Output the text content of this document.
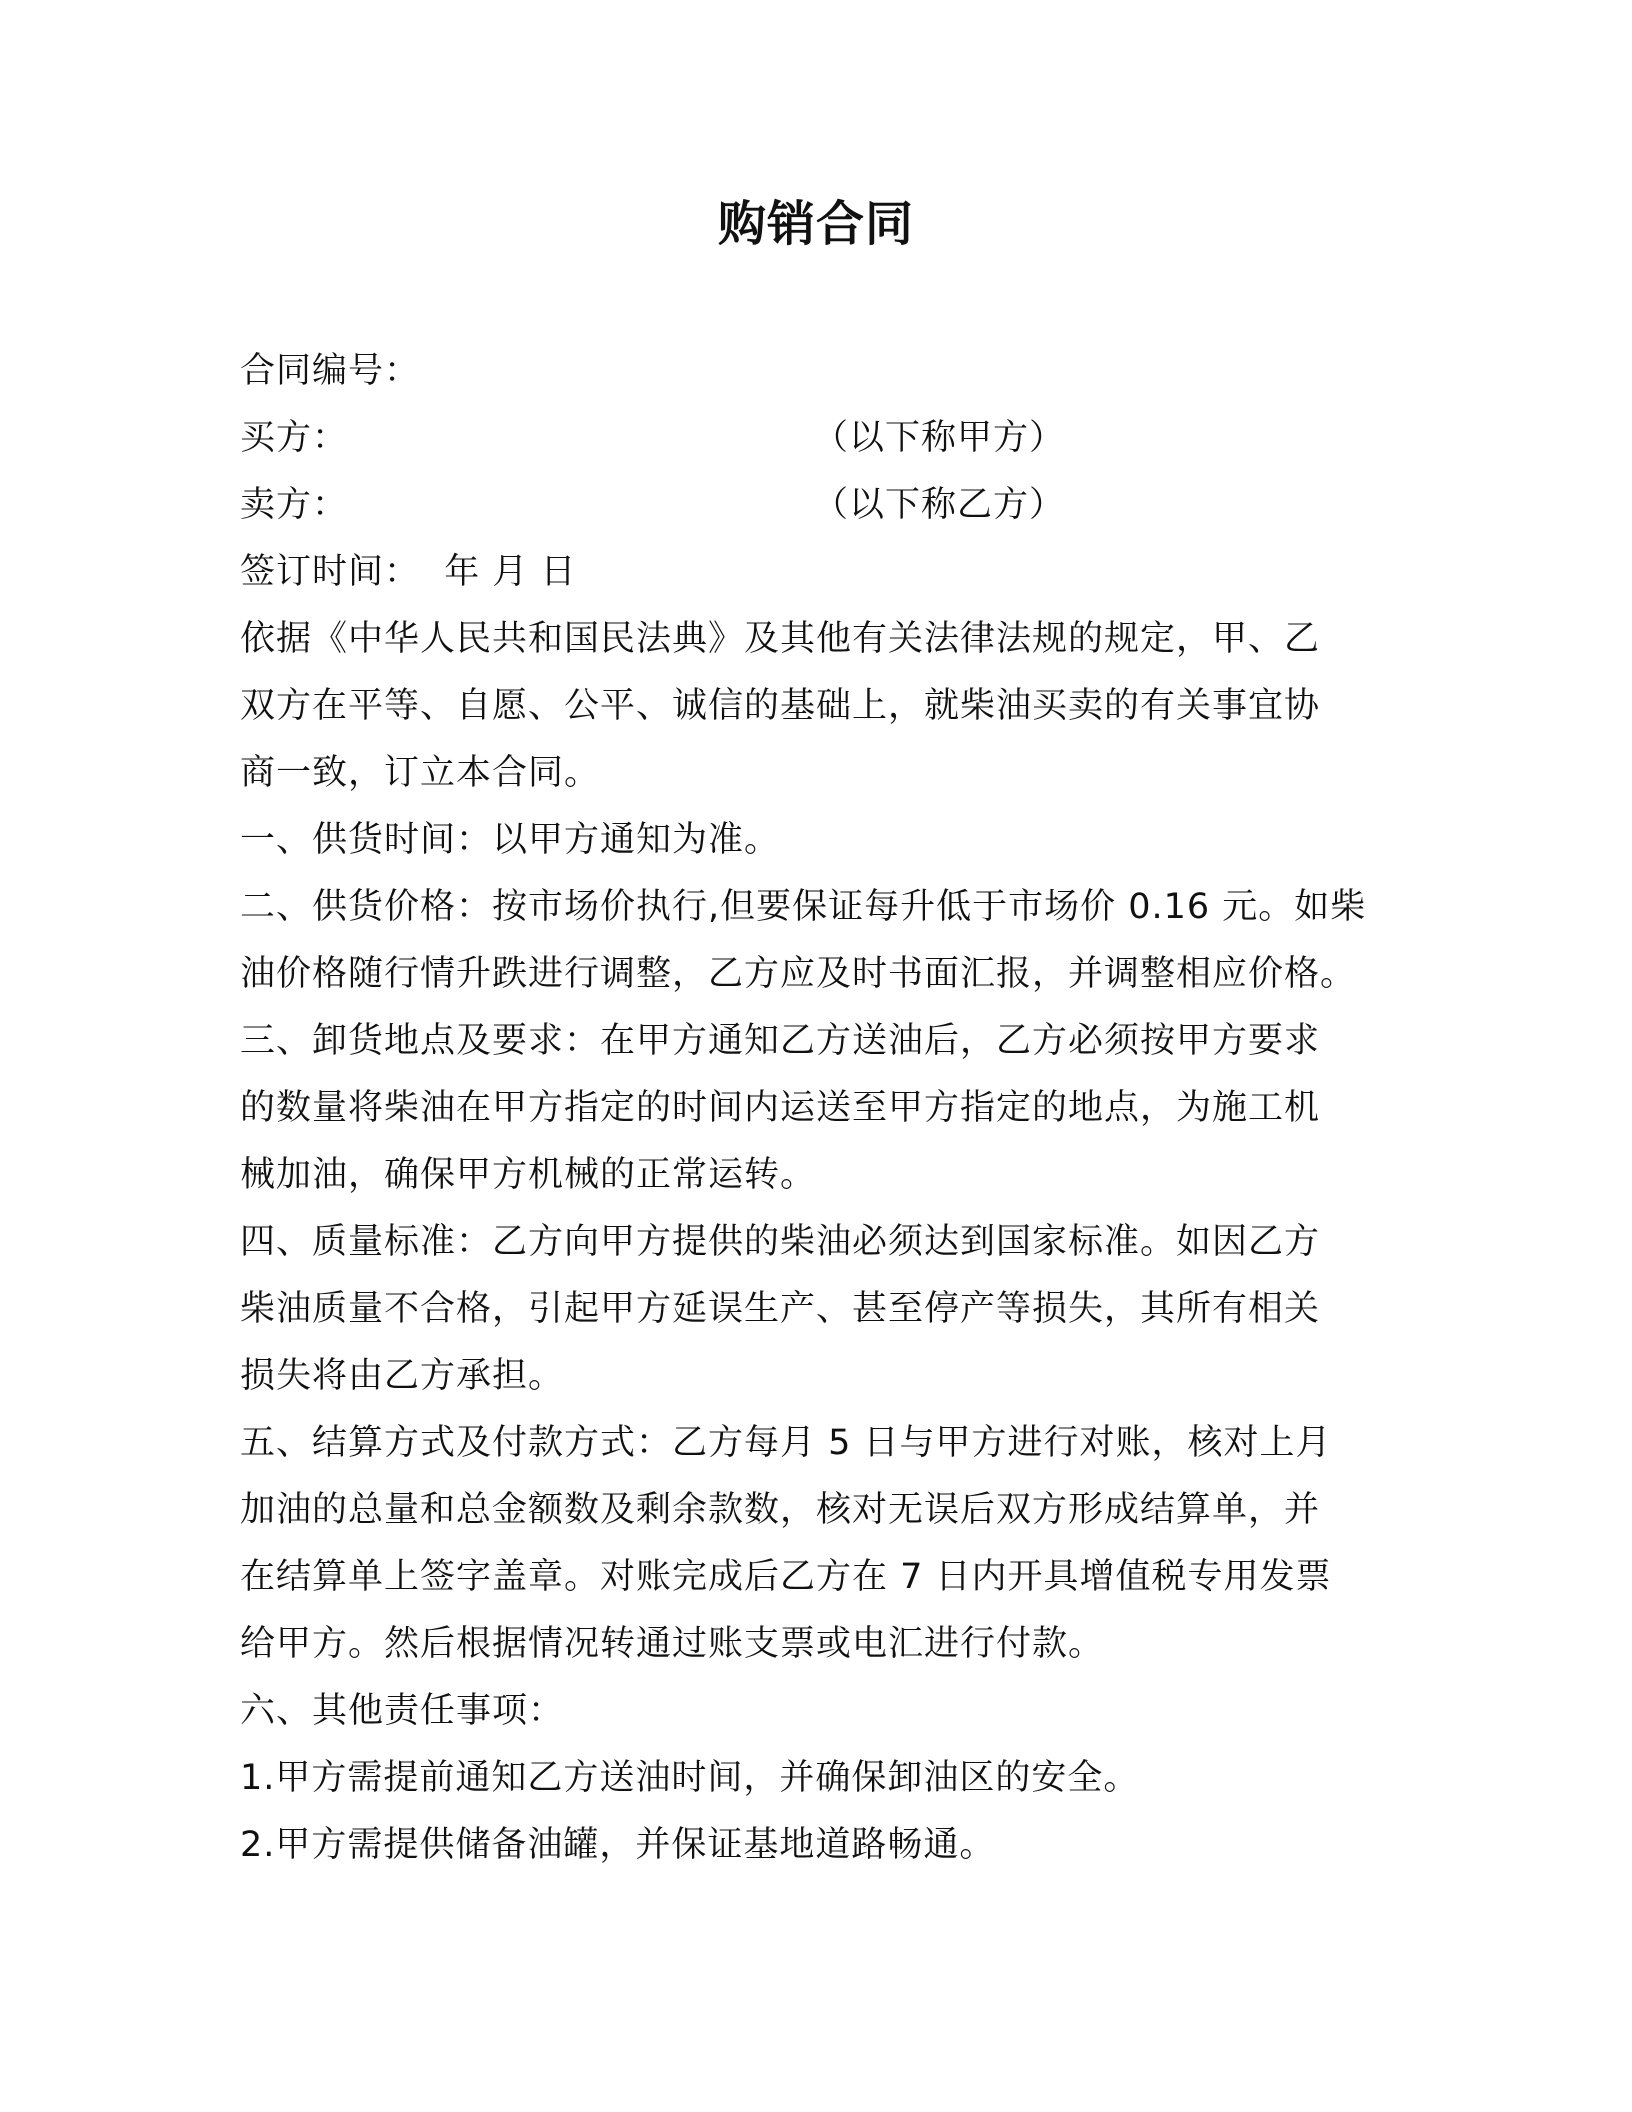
购销合同
合同编号：
买方：	（以下称甲方）
卖方：	（以下称乙方）
签订时间：  年 月 日
依据《中华人民共和国民法典》及其他有关法律法规的规定，甲、乙
双方在平等、自愿、公平、诚信的基础上，就柴油买卖的有关事宜协
商一致，订立本合同。
一、供货时间：以甲方通知为准。
二、供货价格：按市场价执行,但要保证每升低于市场价 0.16 元。如柴
油价格随行情升跌进行调整，乙方应及时书面汇报，并调整相应价格。
三、卸货地点及要求：在甲方通知乙方送油后，乙方必须按甲方要求
的数量将柴油在甲方指定的时间内运送至甲方指定的地点，为施工机
械加油，确保甲方机械的正常运转。
四、质量标准：乙方向甲方提供的柴油必须达到国家标准。如因乙方
柴油质量不合格，引起甲方延误生产、甚至停产等损失，其所有相关
损失将由乙方承担。
五、结算方式及付款方式：乙方每月 5 日与甲方进行对账，核对上月
加油的总量和总金额数及剩余款数，核对无误后双方形成结算单，并
在结算单上签字盖章。对账完成后乙方在 7 日内开具增值税专用发票
给甲方。然后根据情况转通过账支票或电汇进行付款。
六、其他责任事项：
1.甲方需提前通知乙方送油时间，并确保卸油区的安全。
2.甲方需提供储备油罐，并保证基地道路畅通。
